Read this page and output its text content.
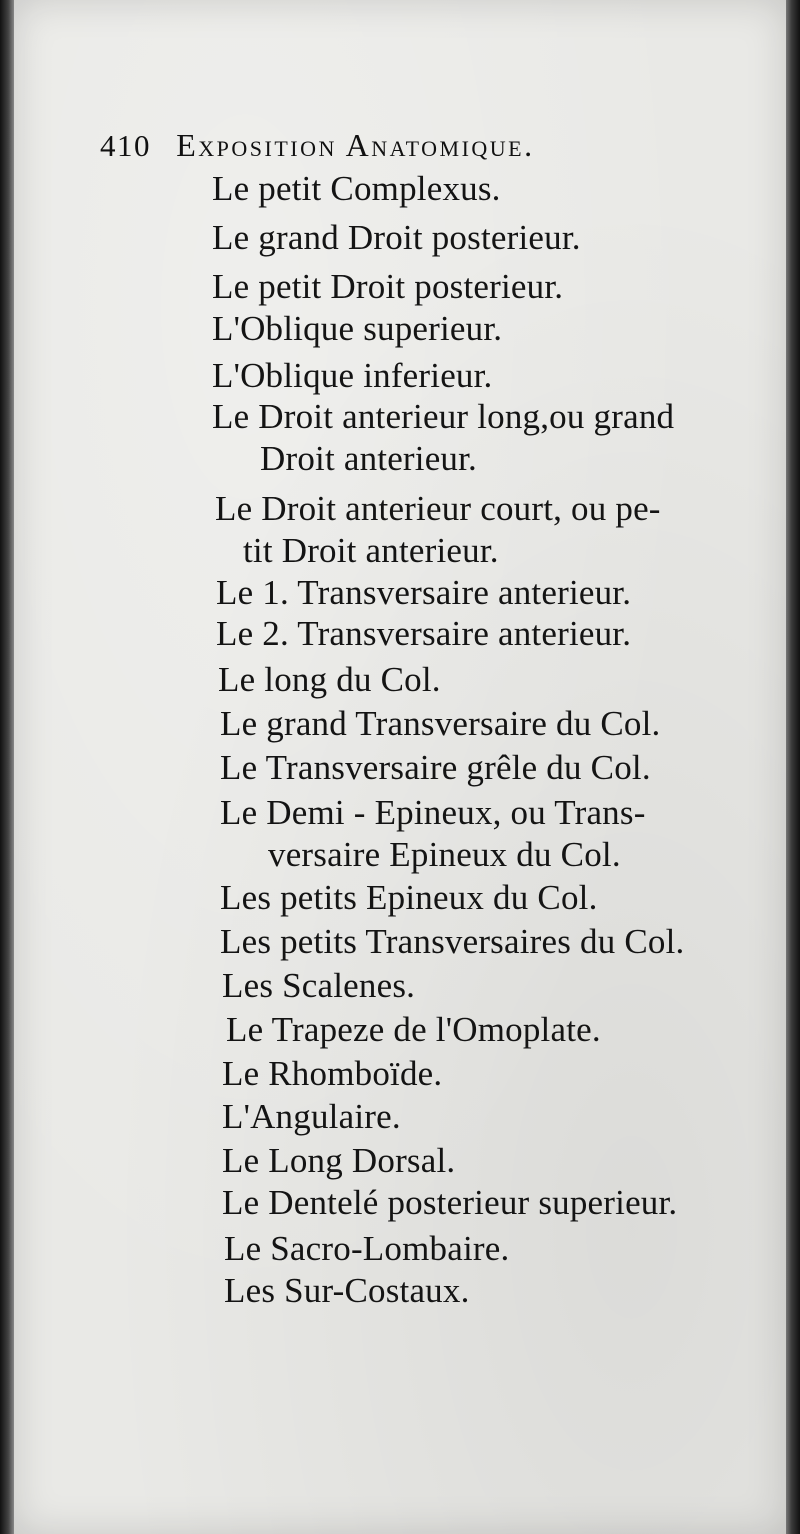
410 Exposition Anatomique.
Le petit Complexus.
Le grand Droit posterieur.
Le petit Droit posterieur.
L'Oblique superieur.
L'Oblique inferieur.
Le Droit anterieur long,ou grand
Droit anterieur.
Le Droit anterieur court, ou pe-
tit Droit anterieur.
Le 1. Transversaire anterieur.
Le 2. Transversaire anterieur.
Le long du Col.
Le grand Transversaire du Col.
Le Transversaire grêle du Col.
Le Demi - Epineux, ou Trans-
versaire Epineux du Col.
Les petits Epineux du Col.
Les petits Transversaires du Col.
Les Scalenes.
Le Trapeze de l'Omoplate.
Le Rhomboïde.
L'Angulaire.
Le Long Dorsal.
Le Dentelé posterieur superieur.
Le Sacro-Lombaire.
Les Sur-Costaux.
